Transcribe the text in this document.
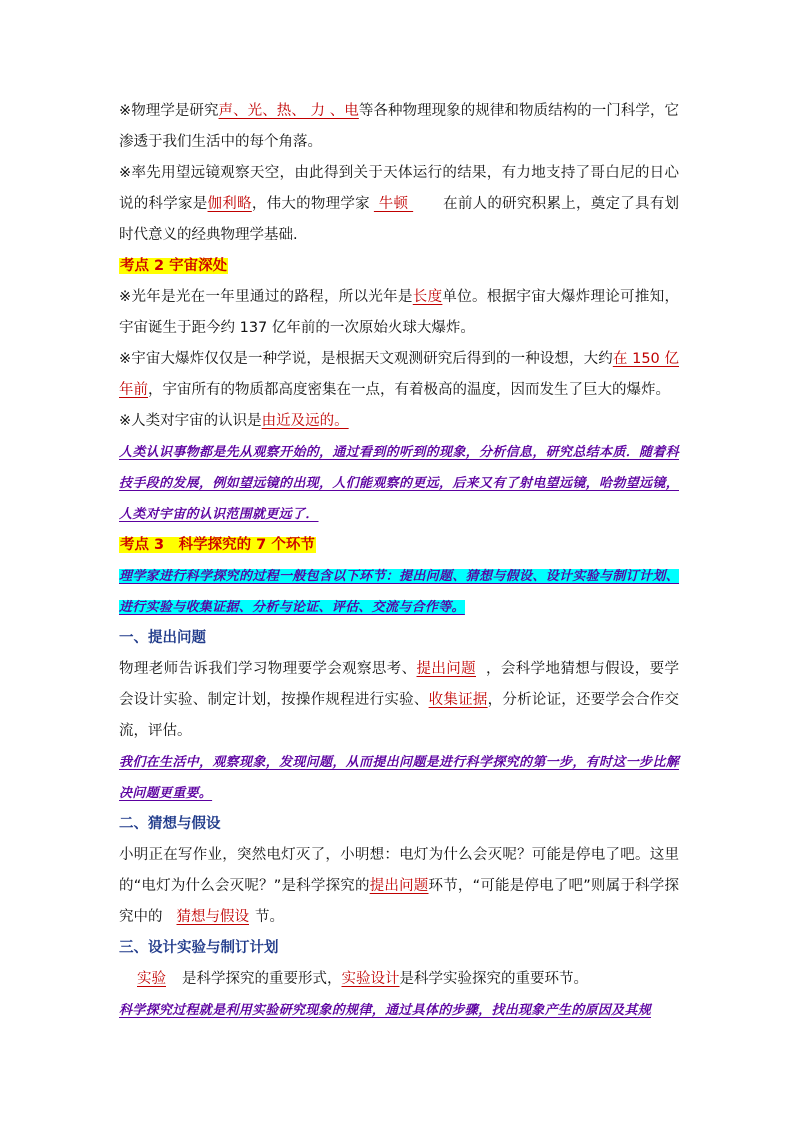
※物理学是研究声、光、热、 力 、电等各种物理现象的规律和物质结构的一门科学，它渗透于我们生活中的每个角落。

※率先用望远镜观察天空，由此得到关于天体运行的结果，有力地支持了哥白尼的日心说的科学家是伽利略，伟大的物理学家 牛顿 在前人的研究积累上，奠定了具有划时代意义的经典物理学基础.

考点 2 宇宙深处

※光年是光在一年里通过的路程，所以光年是长度单位。根据宇宙大爆炸理论可推知，宇宙诞生于距今约 137 亿年前的一次原始火球大爆炸。

※宇宙大爆炸仅仅是一种学说，是根据天文观测研究后得到的一种设想，大约在 150 亿年前，宇宙所有的物质都高度密集在一点，有着极高的温度，因而发生了巨大的爆炸。

※人类对宇宙的认识是由近及远的。

人类认识事物都是先从观察开始的，通过看到的听到的现象，分析信息，研究总结本质．随着科技手段的发展，例如望远镜的出现，人们能观察的更远，后来又有了射电望远镜，哈勃望远镜，人类对宇宙的认识范围就更远了．

考点 3　科学探究的 7 个环节

理学家进行科学探究的过程一般包含以下环节：提出问题、猜想与假设、设计实验与制订计划、进行实验与收集证据、分析与论证、评估、交流与合作等。

一、提出问题

物理老师告诉我们学习物理要学会观察思考、提出问题 ，会科学地猜想与假设，要学会设计实验、制定计划，按操作规程进行实验、收集证据，分析论证，还要学会合作交流，评估。

我们在生活中，观察现象，发现问题，从而提出问题是进行科学探究的第一步，有时这一步比解决问题更重要。

二、猜想与假设

小明正在写作业，突然电灯灭了，小明想：电灯为什么会灭呢？可能是停电了吧。这里的“电灯为什么会灭呢？”是科学探究的提出问题环节，“可能是停电了吧”则属于科学探究中的 猜想与假设 节。

三、设计实验与制订计划

实验 是科学探究的重要形式，实验设计是科学实验探究的重要环节。

科学探究过程就是利用实验研究现象的规律，通过具体的步骤，找出现象产生的原因及其规
